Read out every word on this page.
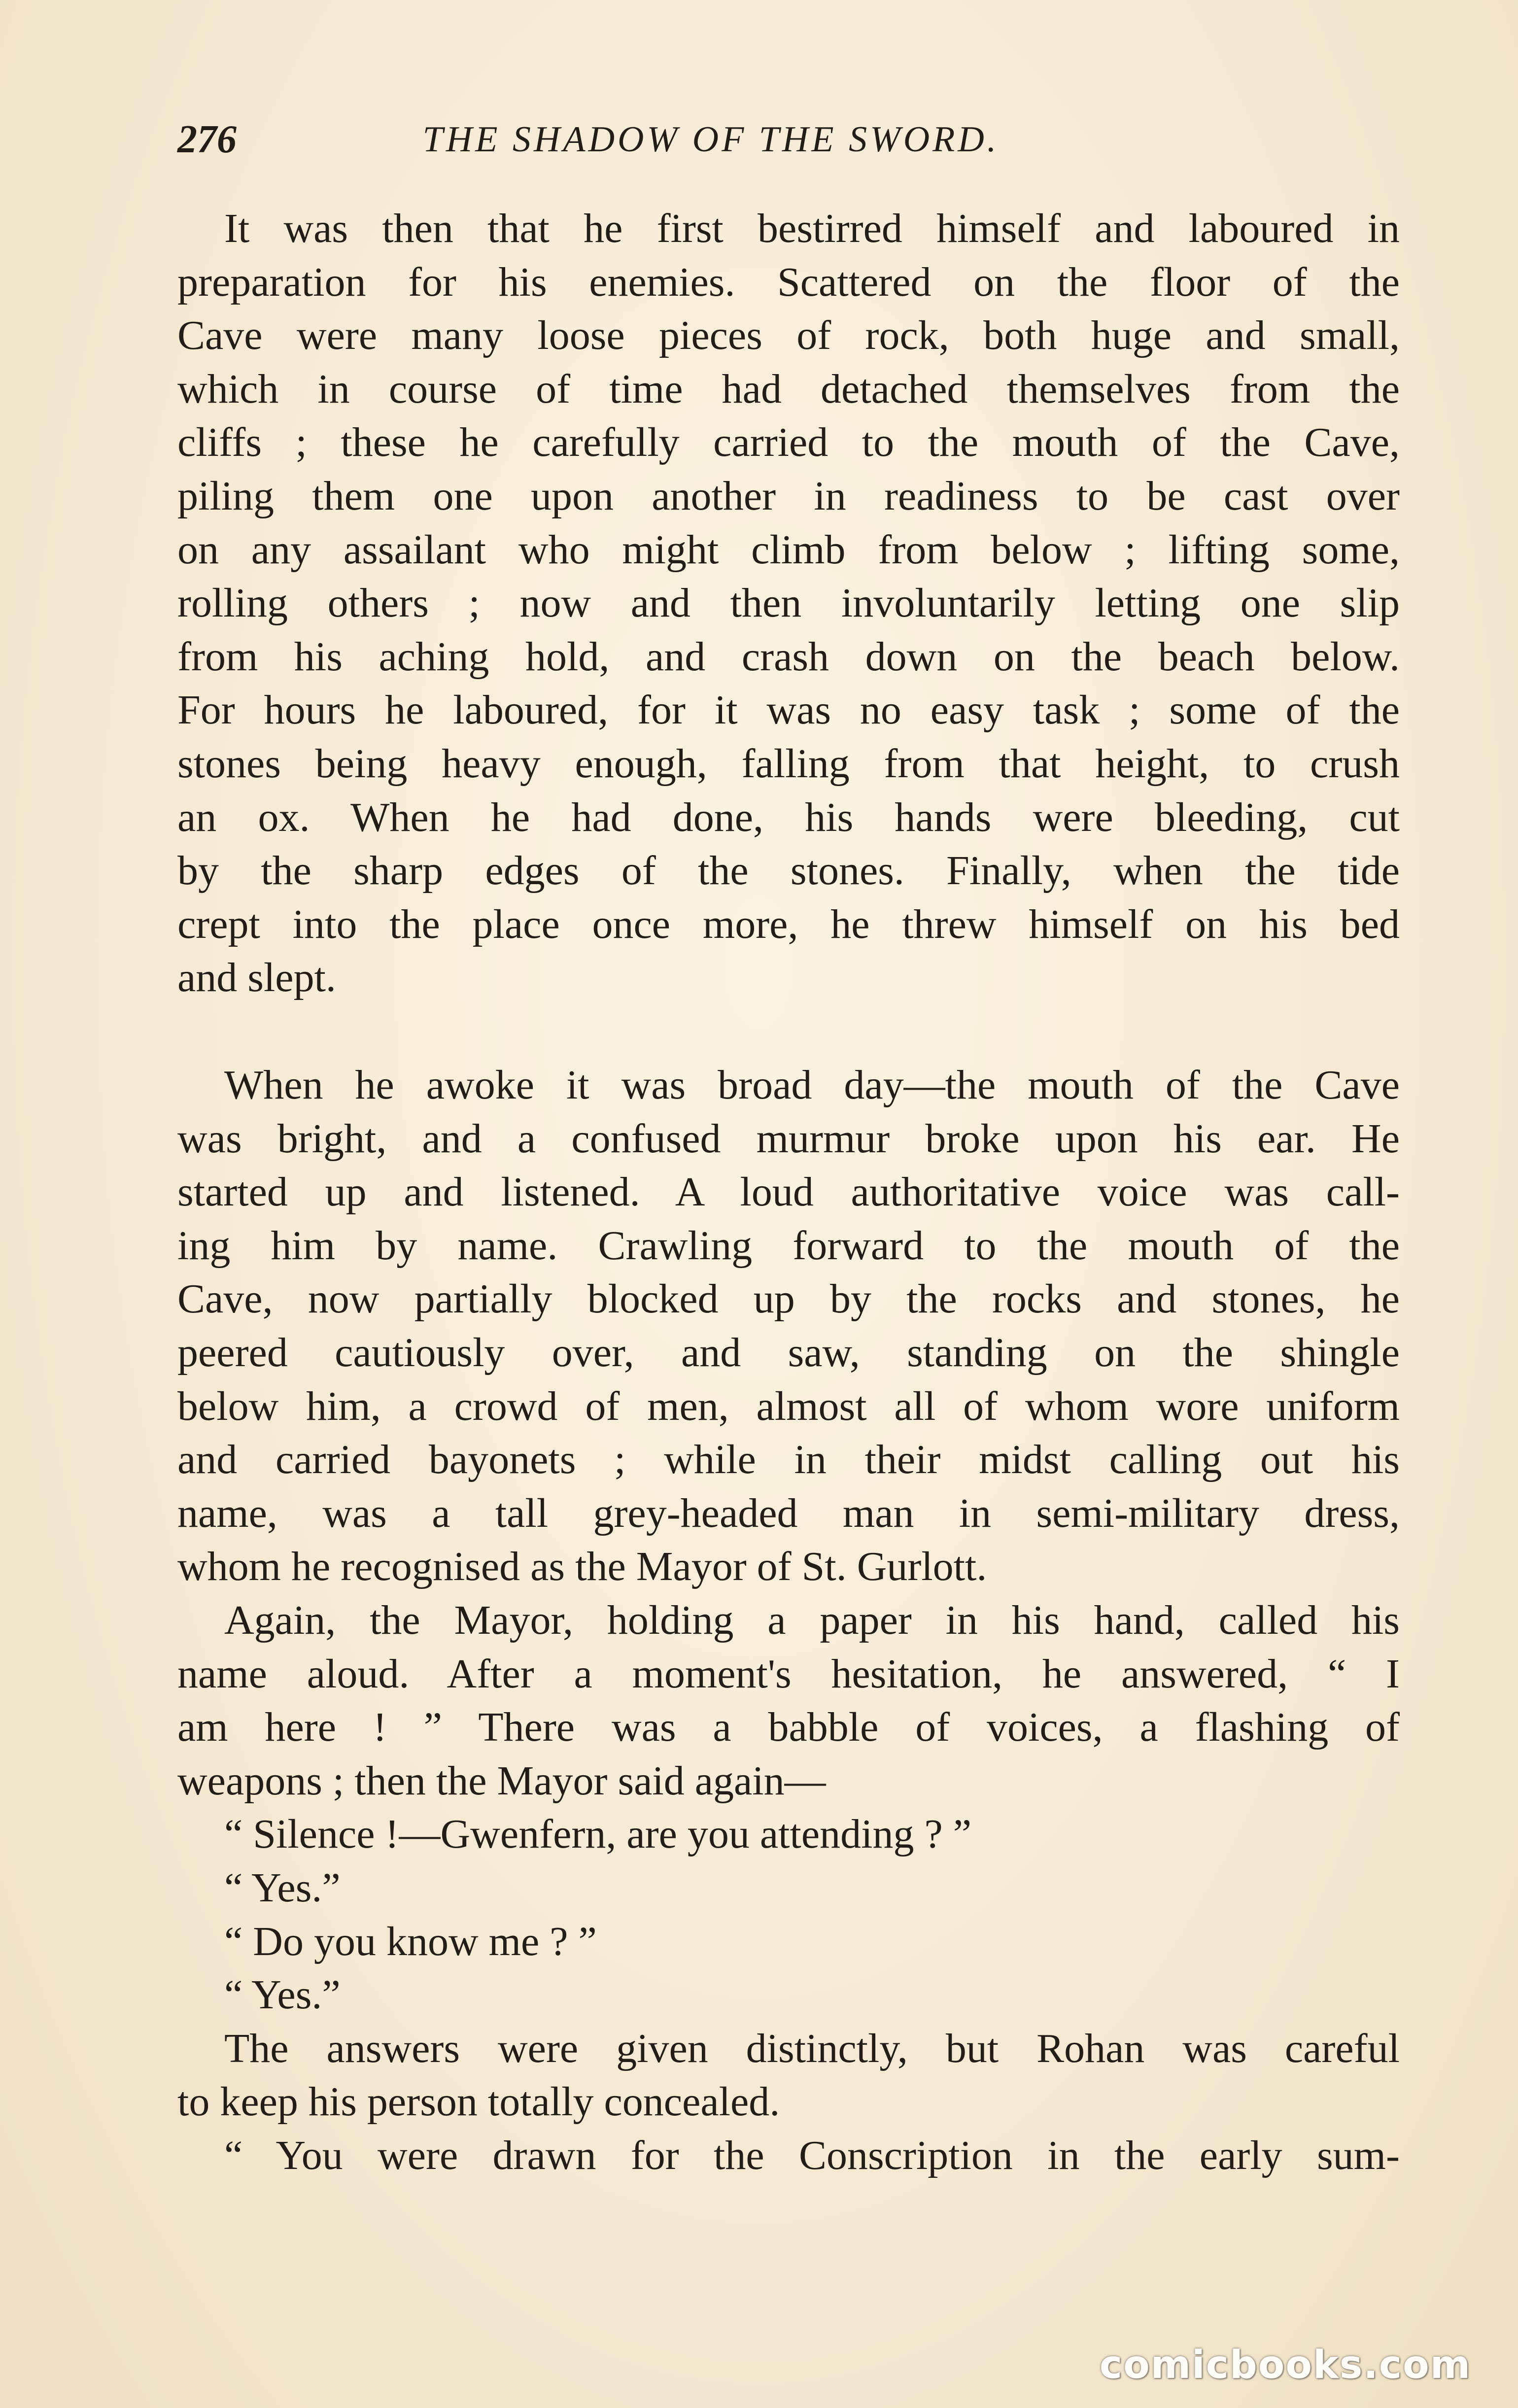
276	THE SHADOW OF THE SWORD.
It was then that he first bestirred himself and laboured in
preparation for his enemies. Scattered on the floor of the
Cave were many loose pieces of rock, both huge and small,
which in course of time had detached themselves from the
cliffs ; these he carefully carried to the mouth of the Cave,
piling them one upon another in readiness to be cast over
on any assailant who might climb from below ; lifting some,
rolling others ; now and then involuntarily letting one slip
from his aching hold, and crash down on the beach below.
For hours he laboured, for it was no easy task ; some of the
stones being heavy enough, falling from that height, to crush
an ox. When he had done, his hands were bleeding, cut
by the sharp edges of the stones. Finally, when the tide
crept into the place once more, he threw himself on his bed
and slept.
When he awoke it was broad day—the mouth of the Cave
was bright, and a confused murmur broke upon his ear. He
started up and listened. A loud authoritative voice was call-
ing him by name. Crawling forward to the mouth of the
Cave, now partially blocked up by the rocks and stones, he
peered cautiously over, and saw, standing on the shingle
below him, a crowd of men, almost all of whom wore uniform
and carried bayonets ; while in their midst calling out his
name, was a tall grey-headed man in semi-military dress,
whom he recognised as the Mayor of St. Gurlott.
Again, the Mayor, holding a paper in his hand, called his
name aloud. After a moment's hesitation, he answered, “ I
am here ! ” There was a babble of voices, a flashing of
weapons ; then the Mayor said again—
“ Silence !—Gwenfern, are you attending ? ”
“ Yes.”
“ Do you know me ? ”
“ Yes.”
The answers were given distinctly, but Rohan was careful
to keep his person totally concealed.
“ You were drawn for the Conscription in the early sum-
comicbooks.com
